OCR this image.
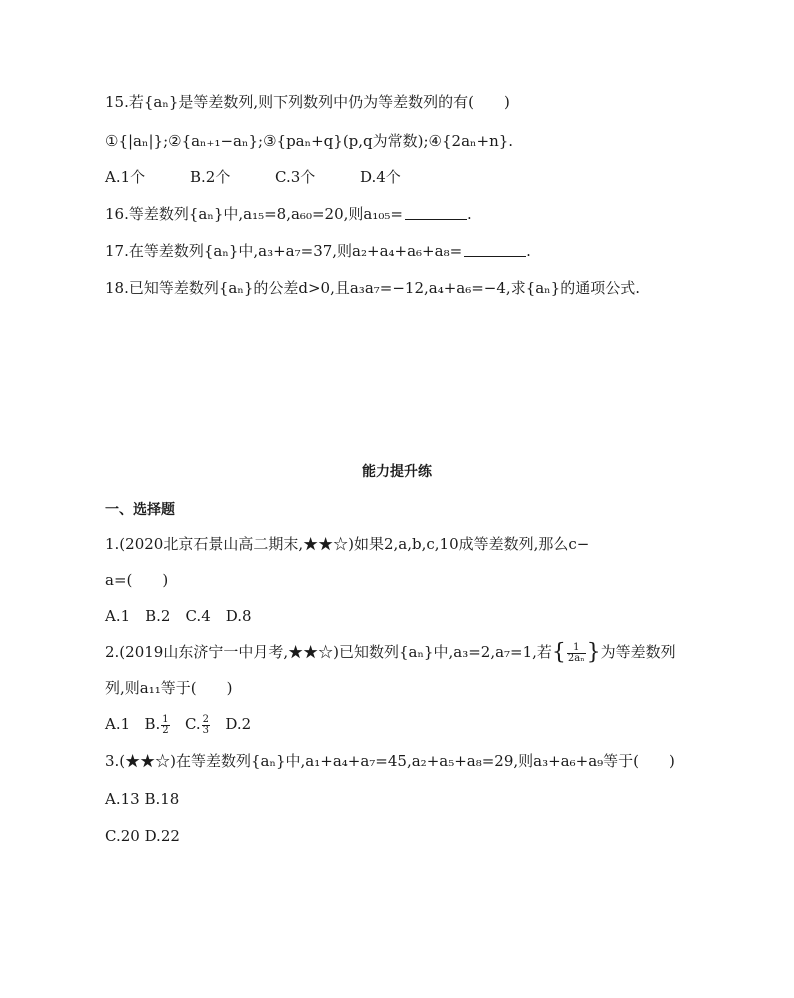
15.若{aₙ}是等差数列,则下列数列中仍为等差数列的有(　　)
①{|aₙ|};②{aₙ₊₁−aₙ};③{paₙ+q}(p,q为常数);④{2aₙ+n}.
A.1个	B.2个	C.3个	D.4个
16.等差数列{aₙ}中,a₁₅=8,a₆₀=20,则a₁₀₅=	.
17.在等差数列{aₙ}中,a₃+a₇=37,则a₂+a₄+a₆+a₈=	.
18.已知等差数列{aₙ}的公差d>0,且a₃a₇=−12,a₄+a₆=−4,求{aₙ}的通项公式.
能力提升练
一、选择题
1.(2020北京石景山高二期末,★★☆)如果2,a,b,c,10成等差数列,那么c−
a=(　　)
A.1　B.2　C.4　D.8
2.(2019山东济宁一中月考,★★☆)已知数列{aₙ}中,a₃=2,a₇=1,若{ $\frac{1}{\text{2aₙ}}$ }为等差数列
列,则a₁₁等于(　　)
A.1 B. $\frac{1}{2} C$. $\frac{2}{3} D.2$
3.(★★☆)在等差数列{aₙ}中,a₁+a₄+a₇=45,a₂+a₅+a₈=29,则a₃+a₆+a₉等于(　　)
A.13 B.18
C.20 D.22
